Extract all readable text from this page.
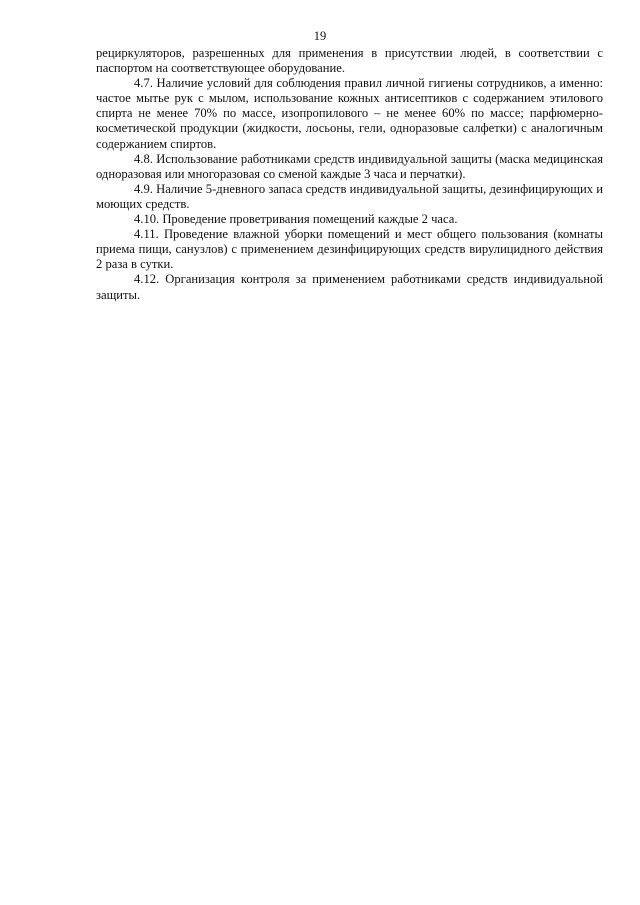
19

рециркуляторов, разрешенных для применения в присутствии людей, в соответствии с паспортом на соответствующее оборудование.

4.7. Наличие условий для соблюдения правил личной гигиены сотрудников, а именно: частое мытье рук с мылом, использование кожных антисептиков с содержанием этилового спирта не менее 70% по массе, изопропилового – не менее 60% по массе; парфюмерно-косметической продукции (жидкости, лосьоны, гели, одноразовые салфетки) с аналогичным содержанием спиртов.

4.8. Использование работниками средств индивидуальной защиты (маска медицинская одноразовая или многоразовая со сменой каждые 3 часа и перчатки).

4.9. Наличие 5-дневного запаса средств индивидуальной защиты, дезинфицирующих и моющих средств.

4.10. Проведение проветривания помещений каждые 2 часа.

4.11. Проведение влажной уборки помещений и мест общего пользования (комнаты приема пищи, санузлов) с применением дезинфицирующих средств вирулицидного действия 2 раза в сутки.

4.12. Организация контроля за применением работниками средств индивидуальной защиты.
